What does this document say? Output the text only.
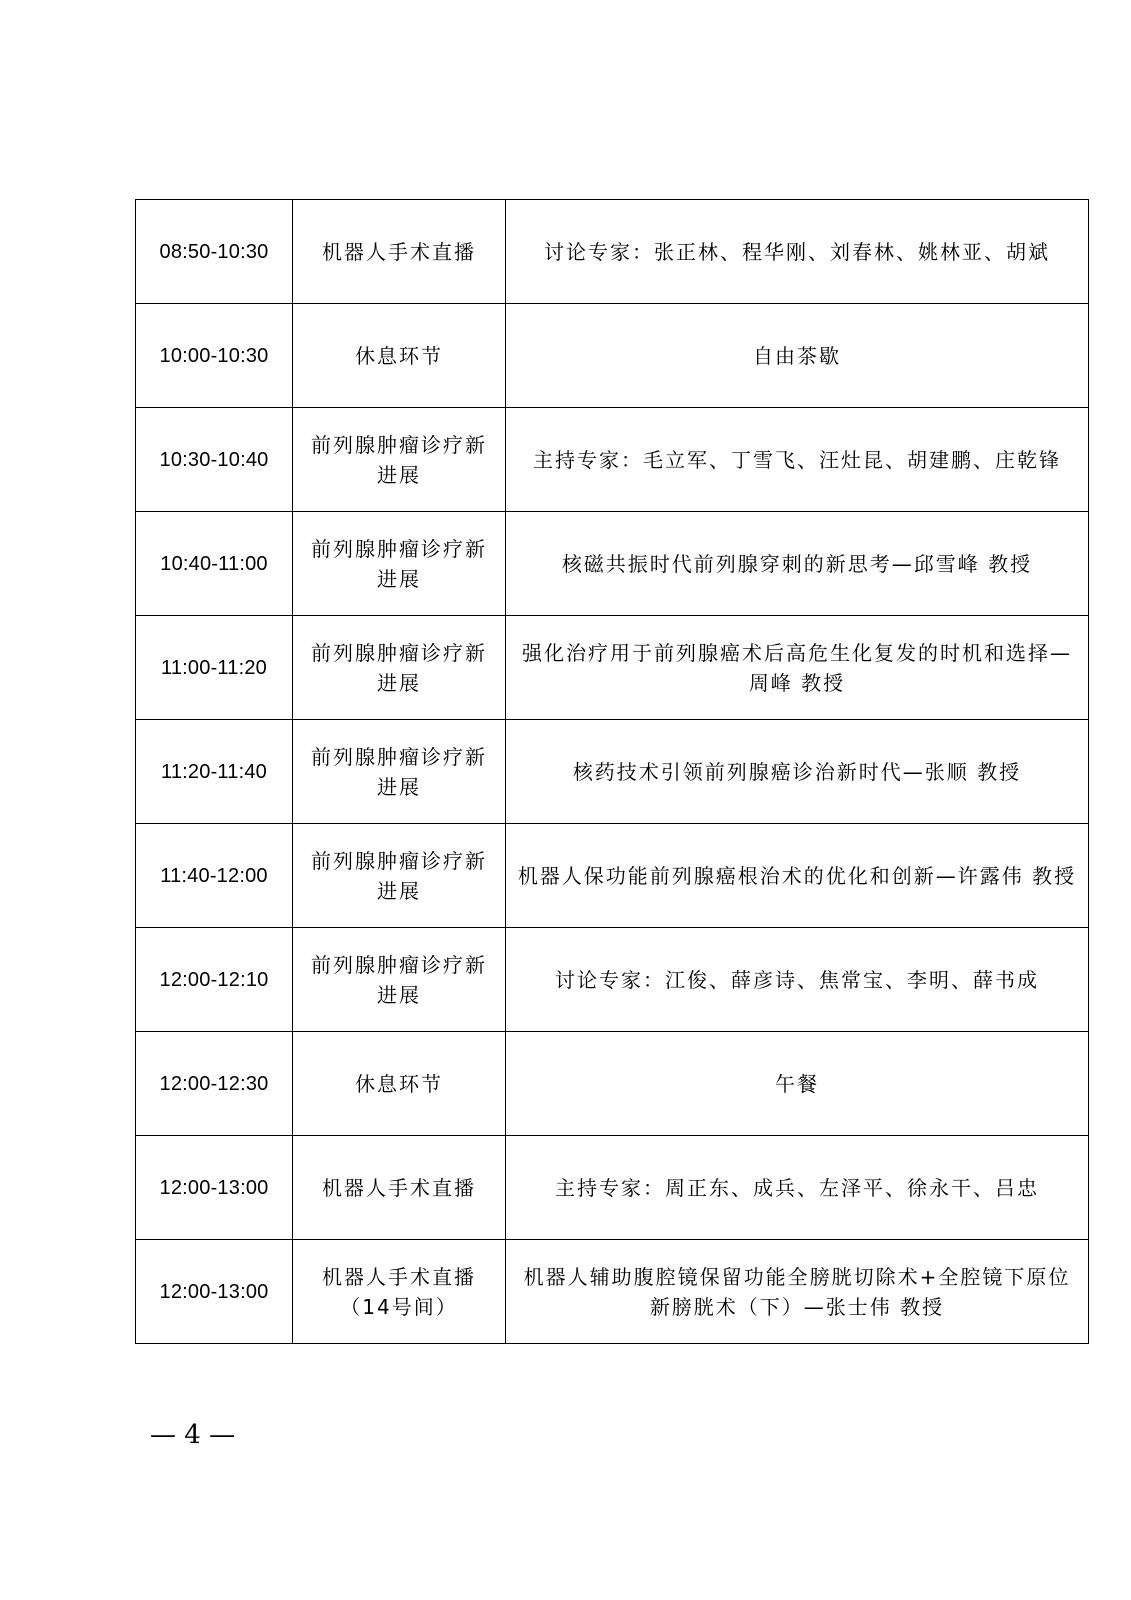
08:50-10:30	机器人手术直播	讨论专家：张正林、程华刚、刘春林、姚林亚、胡斌
10:00-10:30	休息环节	自由茶歇
10:30-10:40	前列腺肿瘤诊疗新进展	主持专家：毛立军、丁雪飞、汪灶昆、胡建鹏、庄乾锋
10:40-11:00	前列腺肿瘤诊疗新进展	核磁共振时代前列腺穿刺的新思考—邱雪峰 教授
11:00-11:20	前列腺肿瘤诊疗新进展	强化治疗用于前列腺癌术后高危生化复发的时机和选择—周峰 教授
11:20-11:40	前列腺肿瘤诊疗新进展	核药技术引领前列腺癌诊治新时代—张顺 教授
11:40-12:00	前列腺肿瘤诊疗新进展	机器人保功能前列腺癌根治术的优化和创新—许露伟 教授
12:00-12:10	前列腺肿瘤诊疗新进展	讨论专家：江俊、薛彦诗、焦常宝、李明、薛书成
12:00-12:30	休息环节	午餐
12:00-13:00	机器人手术直播	主持专家：周正东、成兵、左泽平、徐永干、吕忠
12:00-13:00	机器人手术直播（14号间）	机器人辅助腹腔镜保留功能全膀胱切除术+全腔镜下原位新膀胱术（下）—张士伟 教授
— 4 —
